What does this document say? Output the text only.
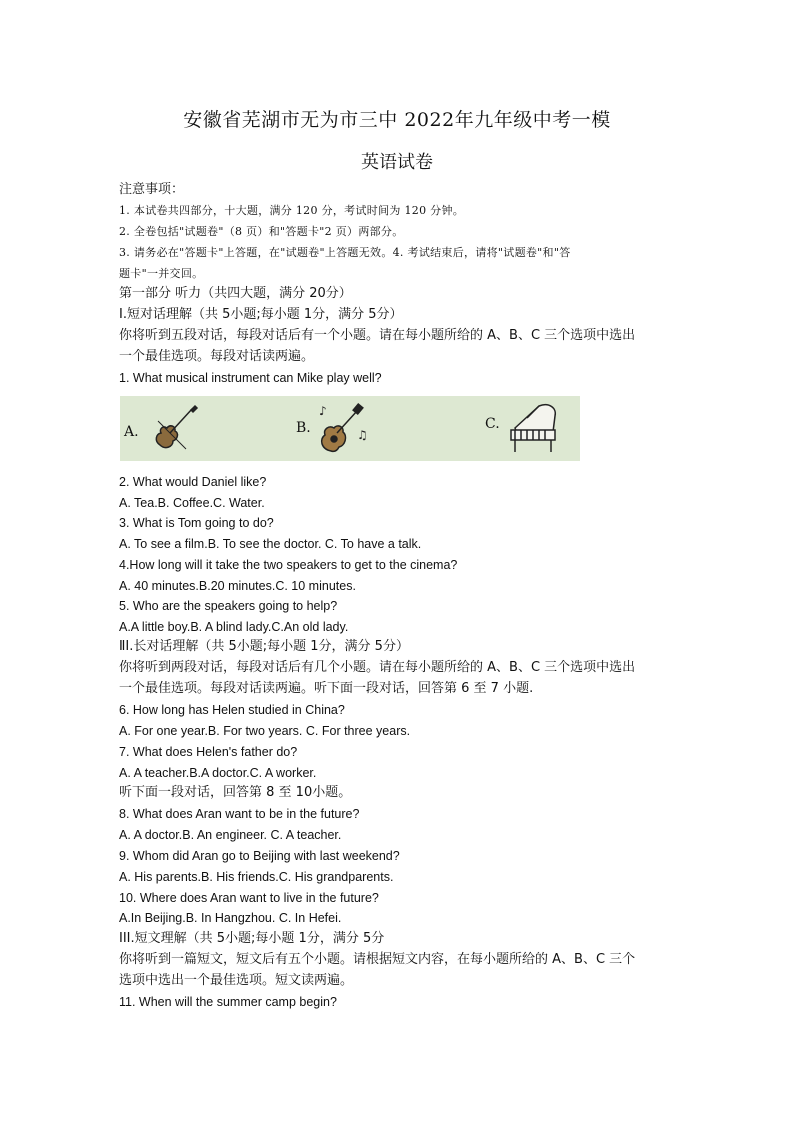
安徽省芜湖市无为市三中 2022年九年级中考一模
英语试卷
注意事项：
1. 本试卷共四部分，十大题，满分 120 分，考试时间为 120 分钟。
2. 全卷包括"试题卷"（8 页）和"答题卡"2 页）两部分。
3. 请务必在"答题卡"上答题，在"试题卷"上答题无效。4. 考试结束后，请将"试题卷"和"答
题卡"一并交回。
第一部分 听力（共四大题，满分 20分）
I.短对话理解（共 5小题;每小题 1分，满分 5分）
你将听到五段对话，每段对话后有一个小题。请在每小题所给的 A、B、C 三个选项中选出
一个最佳选项。每段对话读两遍。
1. What musical instrument can Mike play well?
A.	B.
♪
♫
C.
2. What would Daniel like?
A. Tea.B. Coffee.C. Water.
3. What is Tom going to do?
A. To see a film.B. To see the doctor. C. To have a talk.
4.How long will it take the two speakers to get to the cinema?
A. 40 minutes.B.20 minutes.C. 10 minutes.
5. Who are the speakers going to help?
A.A little boy.B. A blind lady.C.An old lady.
ⅡI.长对话理解（共 5小题;每小题 1分，满分 5分）
你将听到两段对话，每段对话后有几个小题。请在每小题所给的 A、B、C 三个选项中选出
一个最佳选项。每段对话读两遍。听下面一段对话，回答第 6 至 7 小题.
6. How long has Helen studied in China?
A. For one year.B. For two years. C. For three years.
7. What does Helen's father do?
A. A teacher.B.A doctor.C. A worker.
听下面一段对话，回答第 8 至 10小题。
8. What does Aran want to be in the future?
A. A doctor.B. An engineer. C. A teacher.
9. Whom did Aran go to Beijing with last weekend?
A. His parents.B. His friends.C. His grandparents.
10. Where does Aran want to live in the future?
A.In Beijing.B. In Hangzhou. C. In Hefei.
III.短文理解（共 5小题;每小题 1分，满分 5分
你将听到一篇短文，短文后有五个小题。请根据短文内容，在每小题所给的 A、B、C 三个
选项中选出一个最佳选项。短文读两遍。
11. When will the summer camp begin?
